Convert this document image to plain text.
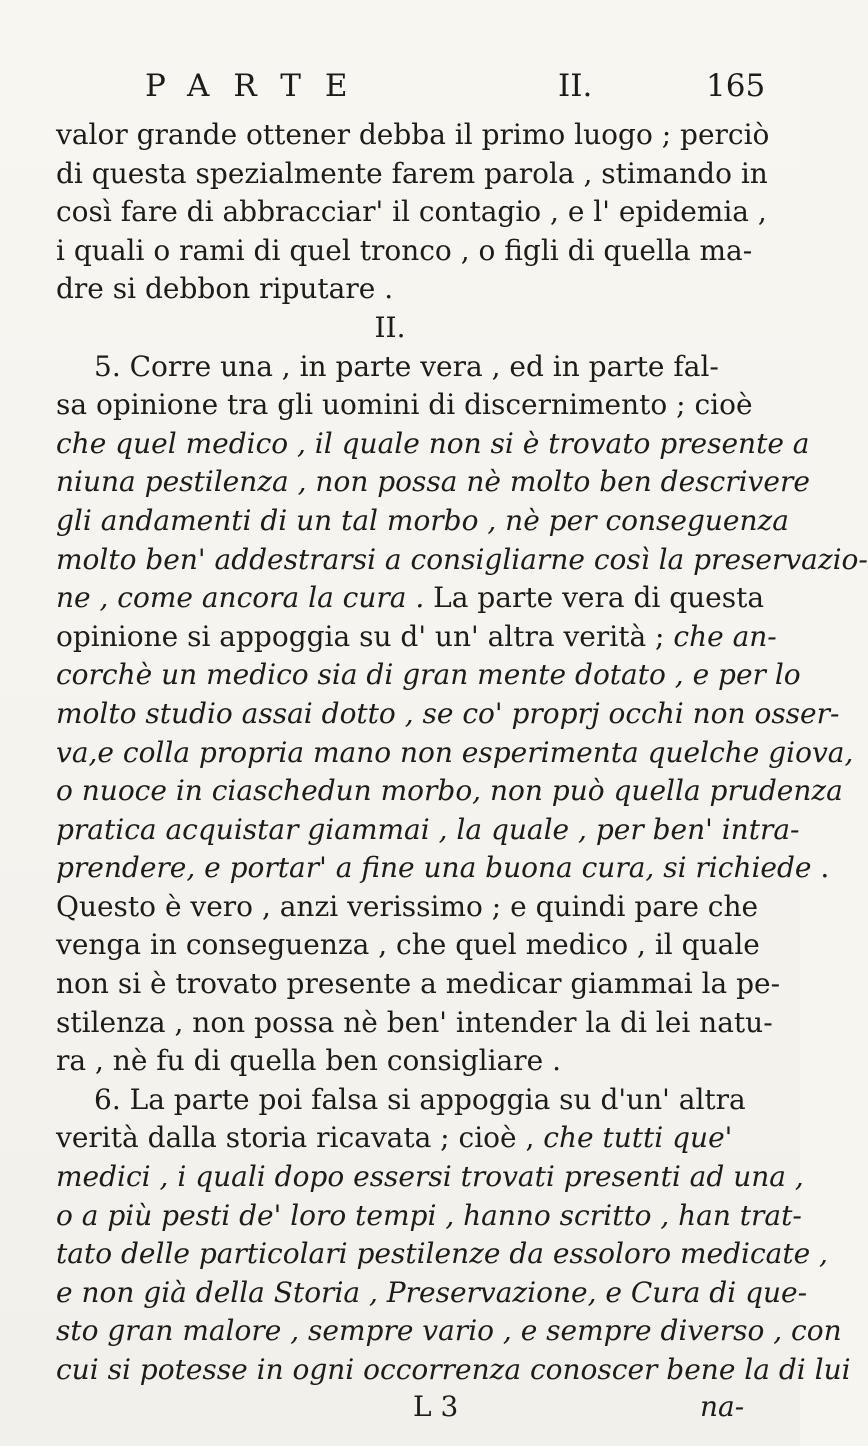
PARTE	II.	165
valor grande ottener debba il primo luogo ; perciò
di questa spezialmente farem parola , stimando in
così fare di abbracciar' il contagio , e l' epidemia ,
i quali o rami di quel tronco , o figli di quella ma-
dre si debbon riputare .
II.
5. Corre una , in parte vera , ed in parte fal-
sa opinione tra gli uomini di discernimento ; cioè
che quel medico , il quale non si è trovato presente a
niuna pestilenza , non possa nè molto ben descrivere
gli andamenti di un tal morbo , nè per conseguenza
molto ben' addestrarsi a consigliarne così la preservazio-
ne , come ancora la cura . La parte vera di questa
opinione si appoggia su d' un' altra verità ; che an-
corchè un medico sia di gran mente dotato , e per lo
molto studio assai dotto , se co' proprj occhi non osser-
va,e colla propria mano non esperimenta quelche giova,
o nuoce in ciaschedun morbo, non può quella prudenza
pratica acquistar giammai , la quale , per ben' intra-
prendere, e portar' a fine una buona cura, si richiede .
Questo è vero , anzi verissimo ; e quindi pare che
venga in conseguenza , che quel medico , il quale
non si è trovato presente a medicar giammai la pe-
stilenza , non possa nè ben' intender la di lei natu-
ra , nè fu di quella ben consigliare .
6. La parte poi falsa si appoggia su d'un' altra
verità dalla storia ricavata ; cioè , che tutti que'
medici , i quali dopo essersi trovati presenti ad una ,
o a più pesti de' loro tempi , hanno scritto , han trat-
tato delle particolari pestilenze da essoloro medicate ,
e non già della Storia , Preservazione, e Cura di que-
sto gran malore , sempre vario , e sempre diverso , con
cui si potesse in ogni occorrenza conoscer bene la di lui
L 3	na-
